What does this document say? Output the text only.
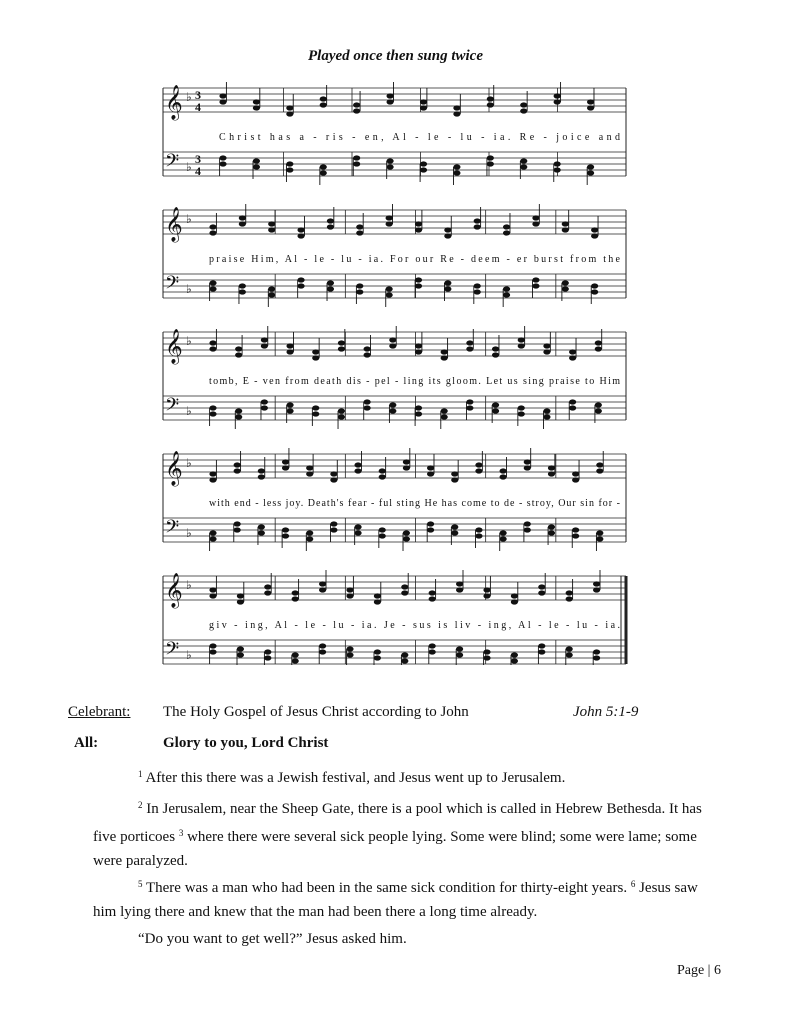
Played once then sung twice
𝄞 ♭
𝄢 ♭
3
4
3
4
Christ has a - ris - en, Al - le - lu - ia. Re - joice and
𝄞 ♭
𝄢 ♭
praise Him, Al - le - lu - ia. For our Re - deem - er burst from the
𝄞 ♭
𝄢 ♭
tomb, E - ven from death dis - pel - ling its gloom. Let us sing praise to Him
𝄞 ♭
𝄢 ♭
with end - less joy. Death's fear - ful sting He has come to de - stroy, Our sin for -
𝄞 ♭
𝄢 ♭
giv - ing, Al - le - lu - ia. Je - sus is liv - ing, Al - le - lu - ia.
Celebrant: The Holy Gospel of Jesus Christ according to John	John 5:1-9
All:	Glory to you, Lord Christ
$^1$ After this there was a Jewish festival, and Jesus went up to Jerusalem.
$^2$ In Jerusalem, near the Sheep Gate, there is a pool which is called in Hebrew Bethesda. It has five porticoes $^3$ where there were several sick people lying. Some were blind; some were lame; some were paralyzed.
$^5$ There was a man who had been in the same sick condition for thirty-eight years. $^6$ Jesus saw him lying there and knew that the man had been there a long time already.
“Do you want to get well?” Jesus asked him.
Page | 6
